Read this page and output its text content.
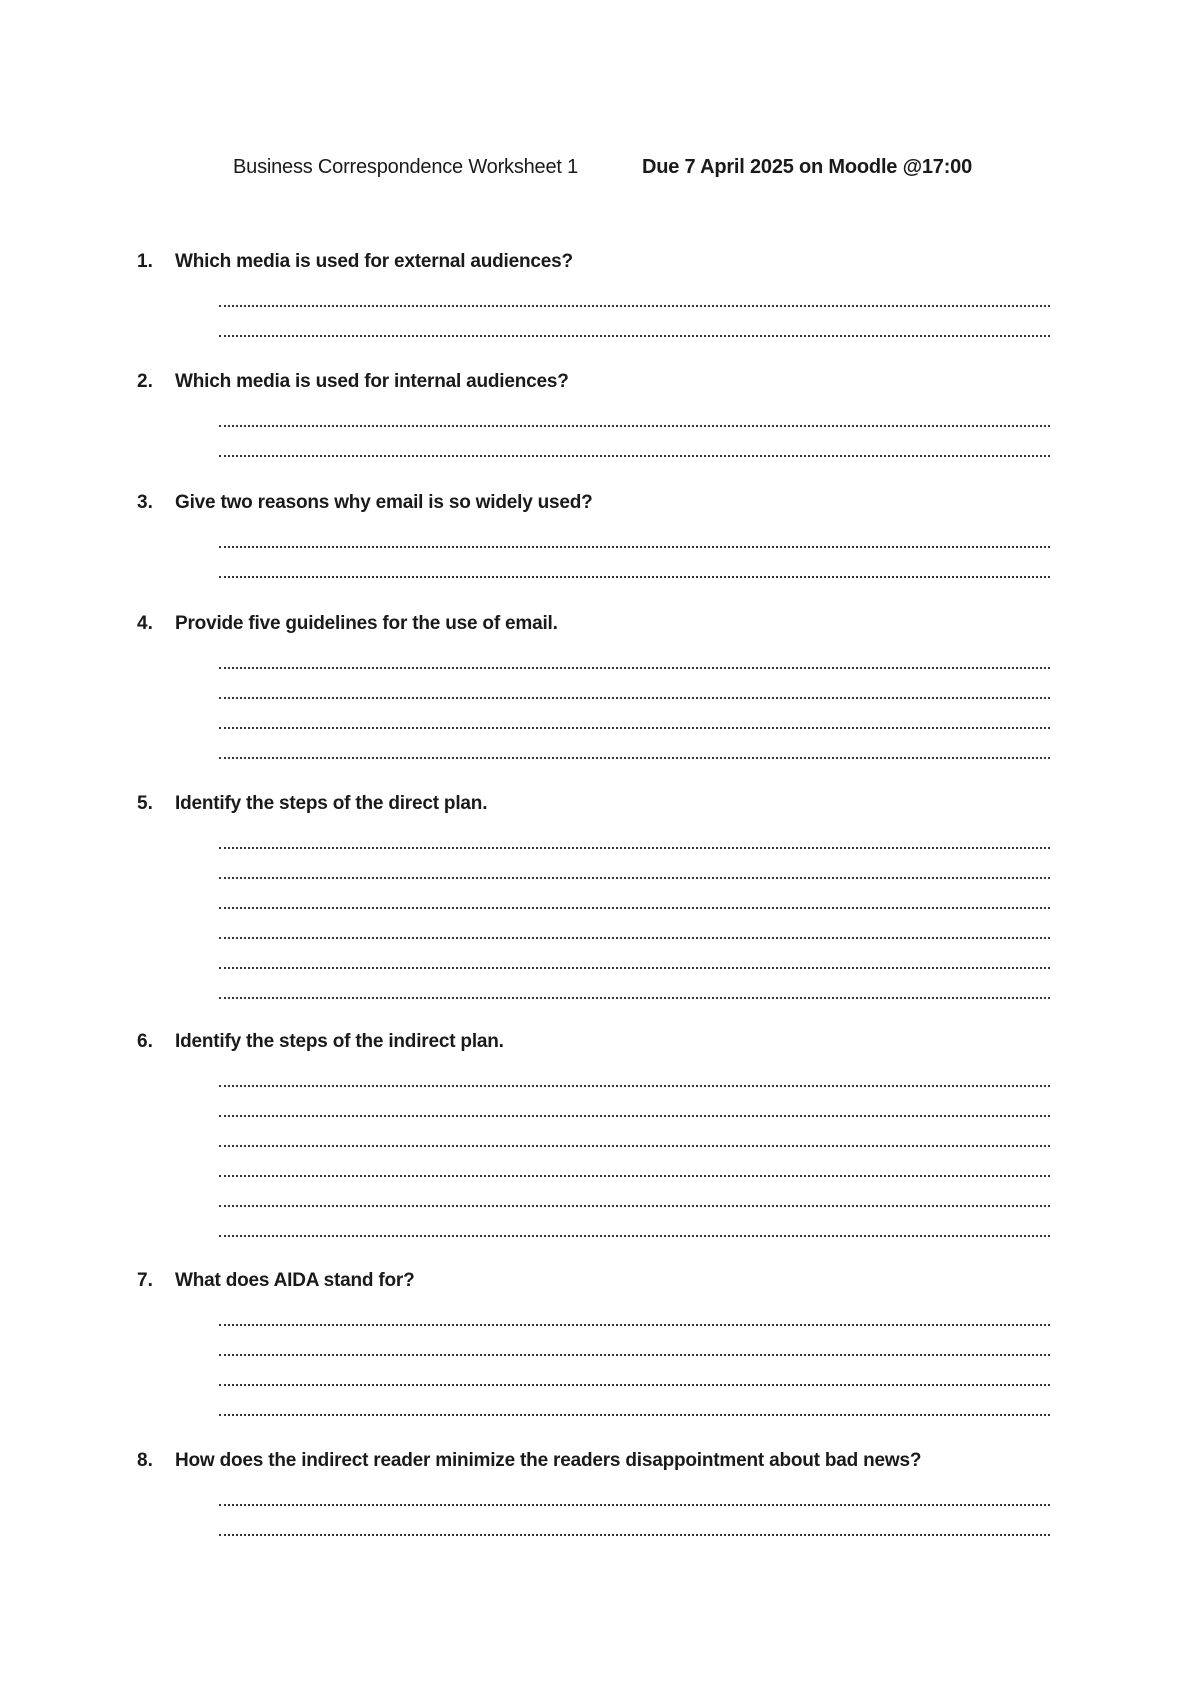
Business Correspondence Worksheet 1	Due 7 April 2025 on Moodle @17:00
1.	Which media is used for external audiences?
2.	Which media is used for internal audiences?
3.	Give two reasons why email is so widely used?
4.	Provide five guidelines for the use of email.
5.	Identify the steps of the direct plan.
6.	Identify the steps of the indirect plan.
7.	What does AIDA stand for?
8.	How does the indirect reader minimize the readers disappointment about bad news?
